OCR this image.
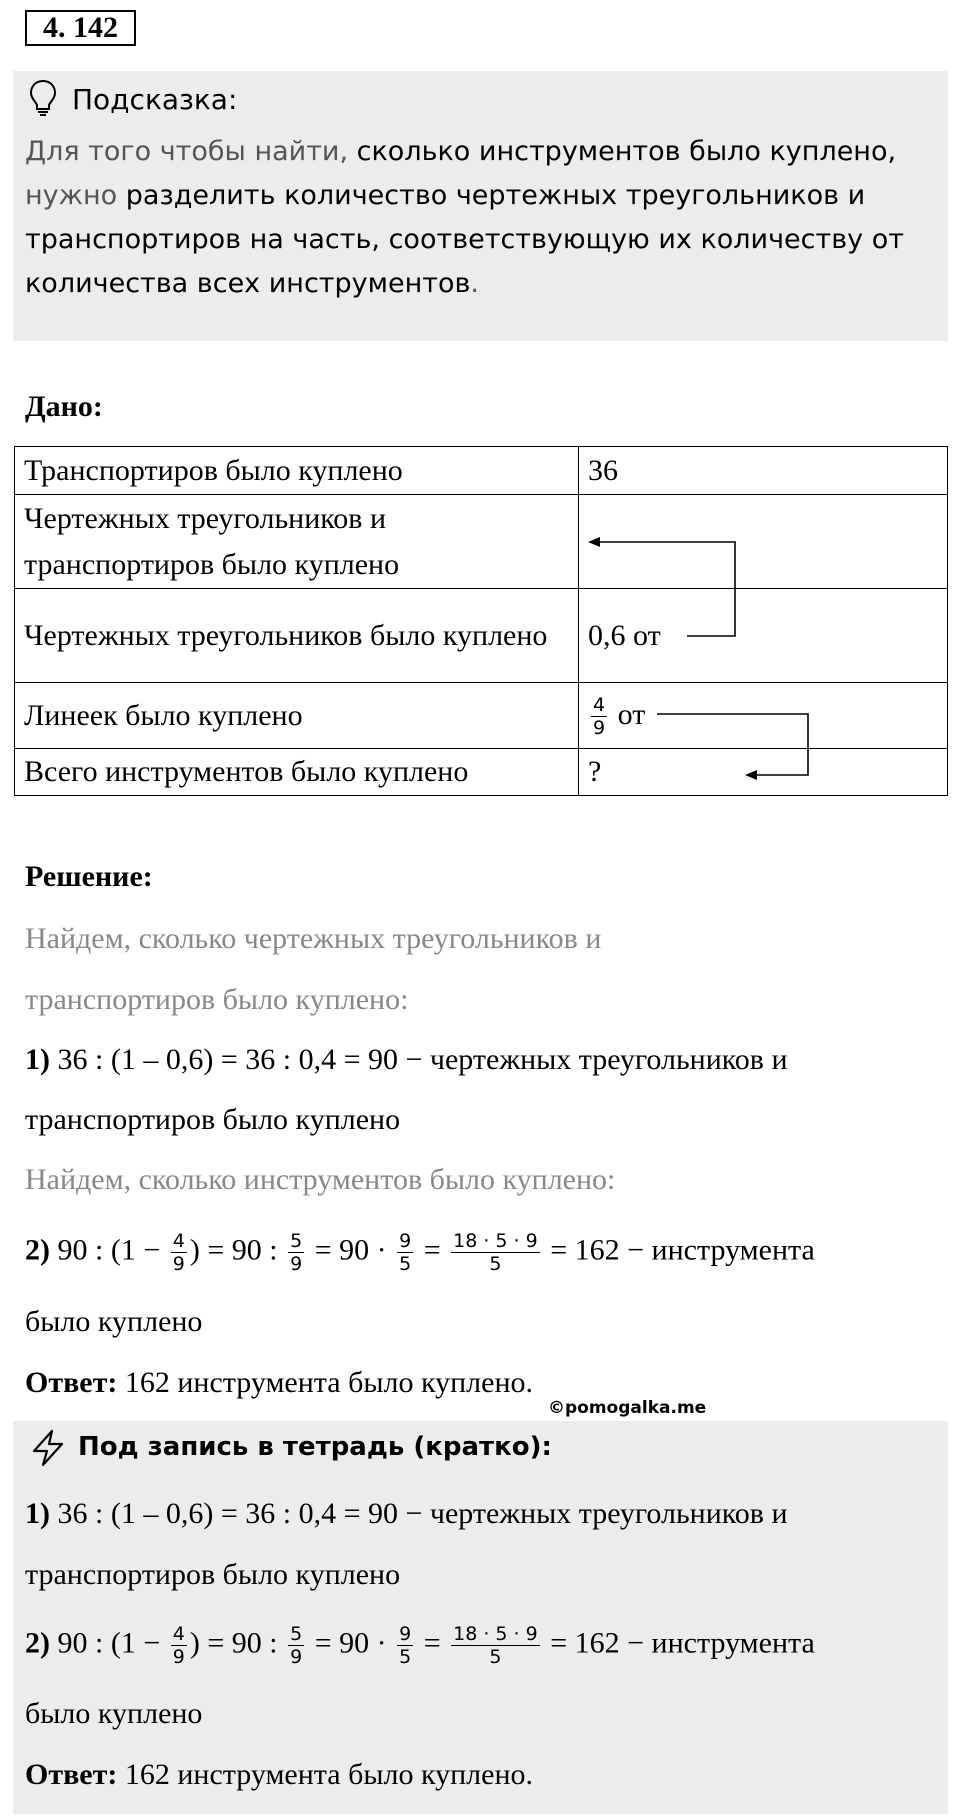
4. 142
Подсказка:
Для того чтобы найти, сколько инструментов было куплено,
нужно разделить количество чертежных треугольников и
транспортиров на часть, соответствующую их количеству от
количества всех инструментов.
Дано:
Транспортиров было куплено	36
Чертежных треугольников и транспортиров было куплено	
Чертежных треугольников было куплено	0,6 от
Линеек было куплено	$\frac{4}{9}$ от
Всего инструментов было куплено	?
Решение:
Найдем, сколько чертежных треугольников и
транспортиров было куплено:
1) 36 : (1 – 0,6) = 36 : 0,4 = 90 − чертежных треугольников и
транспортиров было куплено
Найдем, сколько инструментов было куплено:
2) 90 : ($1 - \frac{4}{9}$ ) = 90 : $\frac{5}{9} = 90 \cdot \frac{9}{5} = \frac{18 \cdot 5 \cdot 9}{5} = 162$ − инструмента
было куплено
Ответ: 162 инструмента было куплено.
©pomogalka.me
Под запись в тетрадь (кратко):
1) 36 : (1 – 0,6) = 36 : 0,4 = 90 − чертежных треугольников и
транспортиров было куплено
2) 90 : ($1 - \frac{4}{9}$ ) = 90 : $\frac{5}{9} = 90 \cdot \frac{9}{5} = \frac{18 \cdot 5 \cdot 9}{5} = 162$ − инструмента
было куплено
Ответ: 162 инструмента было куплено.
